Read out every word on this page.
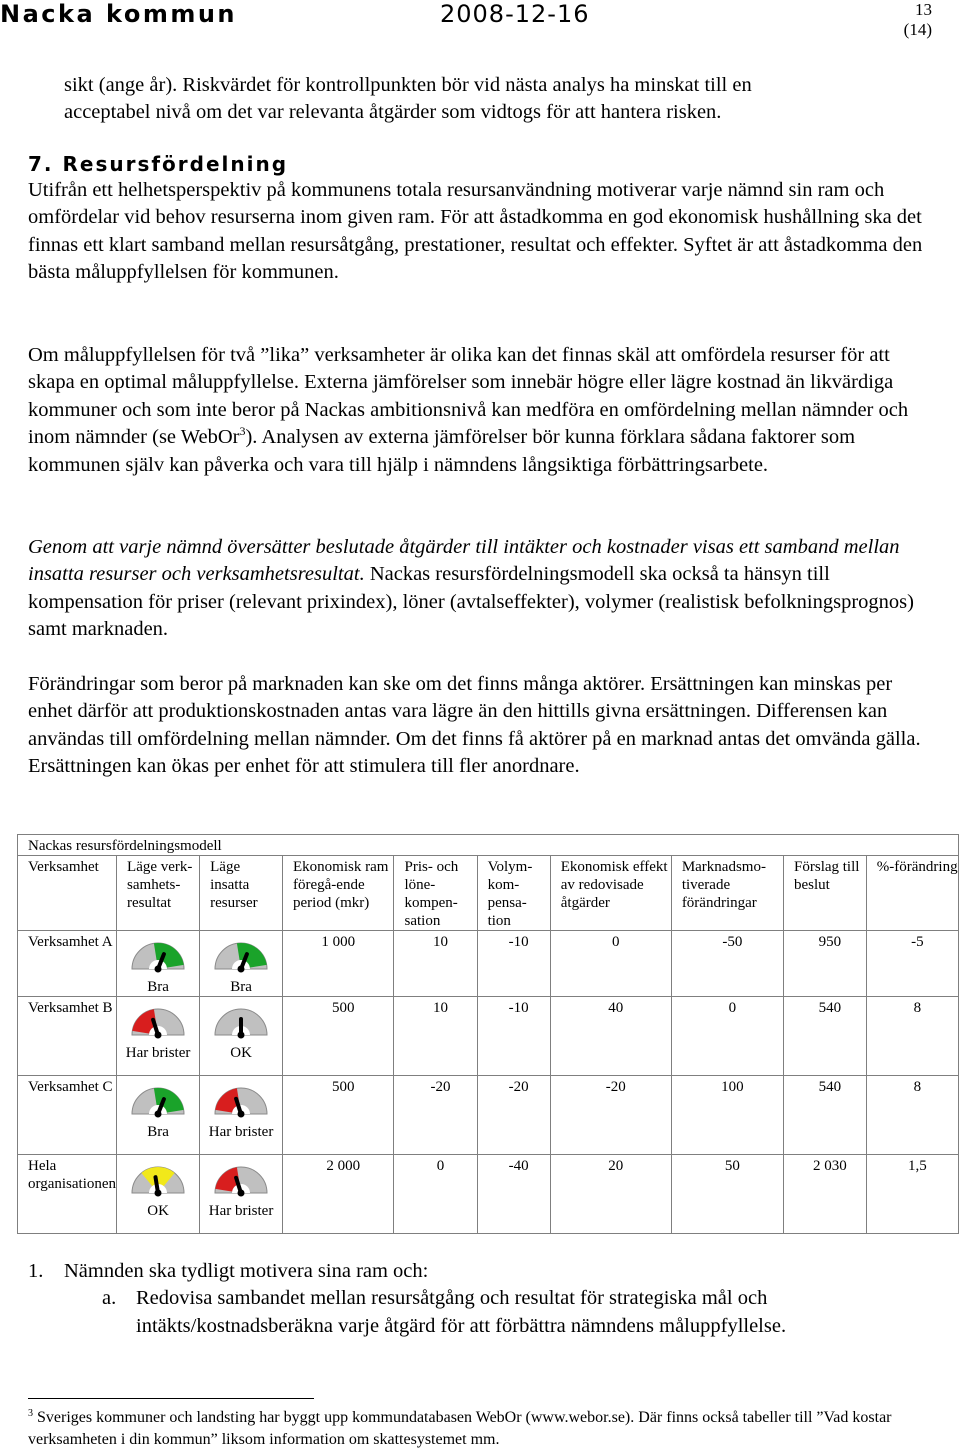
Nacka kommun	2008-12-16	13
(14)

sikt (ange år). Riskvärdet för kontrollpunkten bör vid nästa analys ha minskat till en

acceptabel nivå om det var relevanta åtgärder som vidtogs för att hantera risken.

7. Resursfördelning

Utifrån ett helhetsperspektiv på kommunens totala resursanvändning motiverar varje nämnd sin ram och omfördelar vid behov resurserna inom given ram. För att åstadkomma en god ekonomisk hushållning ska det finnas ett klart samband mellan resursåtgång, prestationer, resultat och effekter. Syftet är att åstadkomma den bästa måluppfyllelsen för kommunen.

Om måluppfyllelsen för två ”lika” verksamheter är olika kan det finnas skäl att omfördela resurser för att skapa en optimal måluppfyllelse. Externa jämförelser som innebär högre eller lägre kostnad än likvärdiga kommuner och som inte beror på Nackas ambitionsnivå kan medföra en omfördelning mellan nämnder och inom nämnder (se WebOr$^3$). Analysen av externa jämförelser bör kunna förklara sådana faktorer som kommunen själv kan påverka och vara till hjälp i nämndens långsiktiga förbättringsarbete.

Genom att varje nämnd översätter beslutade åtgärder till intäkter och kostnader visas ett samband mellan insatta resurser och verksamhetsresultat. Nackas resursfördelningsmodell ska också ta hänsyn till kompensation för priser (relevant prixindex), löner (avtalseffekter), volymer (realistisk befolkningsprognos) samt marknaden.

Förändringar som beror på marknaden kan ske om det finns många aktörer. Ersättningen kan minskas per enhet därför att produktionskostnaden antas vara lägre än den hittills givna ersättningen. Differensen kan användas till omfördelning mellan nämnder. Om det finns få aktörer på en marknad antas det omvända gälla. Ersättningen kan ökas per enhet för att stimulera till fler anordnare.

Nackas resursfördelningsmodell									
Verksamhet	Läge verk-samhets-resultat	Läge insatta resurser	Ekonomisk ram föregå-ende period (mkr)	Pris- och löne-kompen-sation	Volym-kom-pensa-tion	Ekonomisk effekt av redovisade åtgärder	Marknadsmo-tiverade förändringar	Förslag till beslut	%-förändring
Verksamhet A	Bra	Bra	1 000	10	-10	0	-50	950	-5
Verksamhet B	Har brister	OK	500	10	-10	40	0	540	8
Verksamhet C	Bra	Har brister	500	-20	-20	-20	100	540	8
Hela organisationen	OK	Har brister	2 000	0	-40	20	50	2 030	1,5
1. Nämnden ska tydligt motivera sina ram och:
a. Redovisa sambandet mellan resursåtgång och resultat för strategiska mål och intäkts/kostnadsberäkna varje åtgärd för att förbättra nämndens måluppfyllelse.
$^3$ Sveriges kommuner och landsting har byggt upp kommundatabasen WebOr (www.webor.se). Där finns också tabeller till ”Vad kostar verksamheten i din kommun” liksom information om skattesystemet mm.
